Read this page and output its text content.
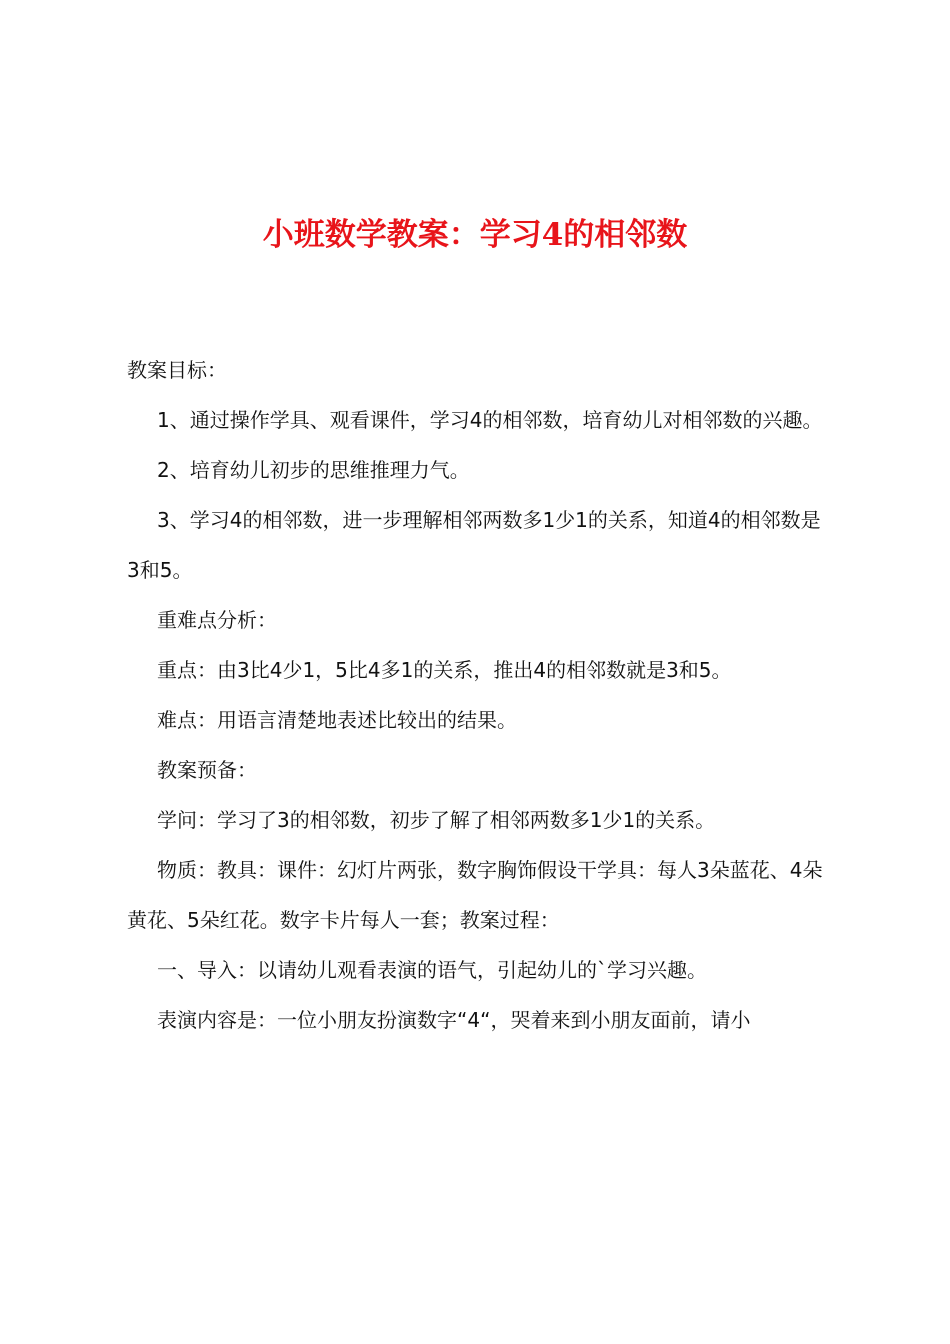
小班数学教案：学习4的相邻数

教案目标：

1、通过操作学具、观看课件，学习4的相邻数，培育幼儿对相邻数的兴趣。

2、培育幼儿初步的思维推理力气。

3、学习4的相邻数，进一步理解相邻两数多1少1的关系，知道4的相邻数是3和5。

重难点分析：

重点：由3比4少1，5比4多1的关系，推出4的相邻数就是3和5。

难点：用语言清楚地表述比较出的结果。

教案预备：

学问：学习了3的相邻数，初步了解了相邻两数多1少1的关系。

物质：教具：课件：幻灯片两张，数字胸饰假设干学具：每人3朵蓝花、4朵黄花、5朵红花。数字卡片每人一套；教案过程：

一、导入：以请幼儿观看表演的语气，引起幼儿的`学习兴趣。

表演内容是：一位小朋友扮演数字“4“，哭着来到小朋友面前，请小
